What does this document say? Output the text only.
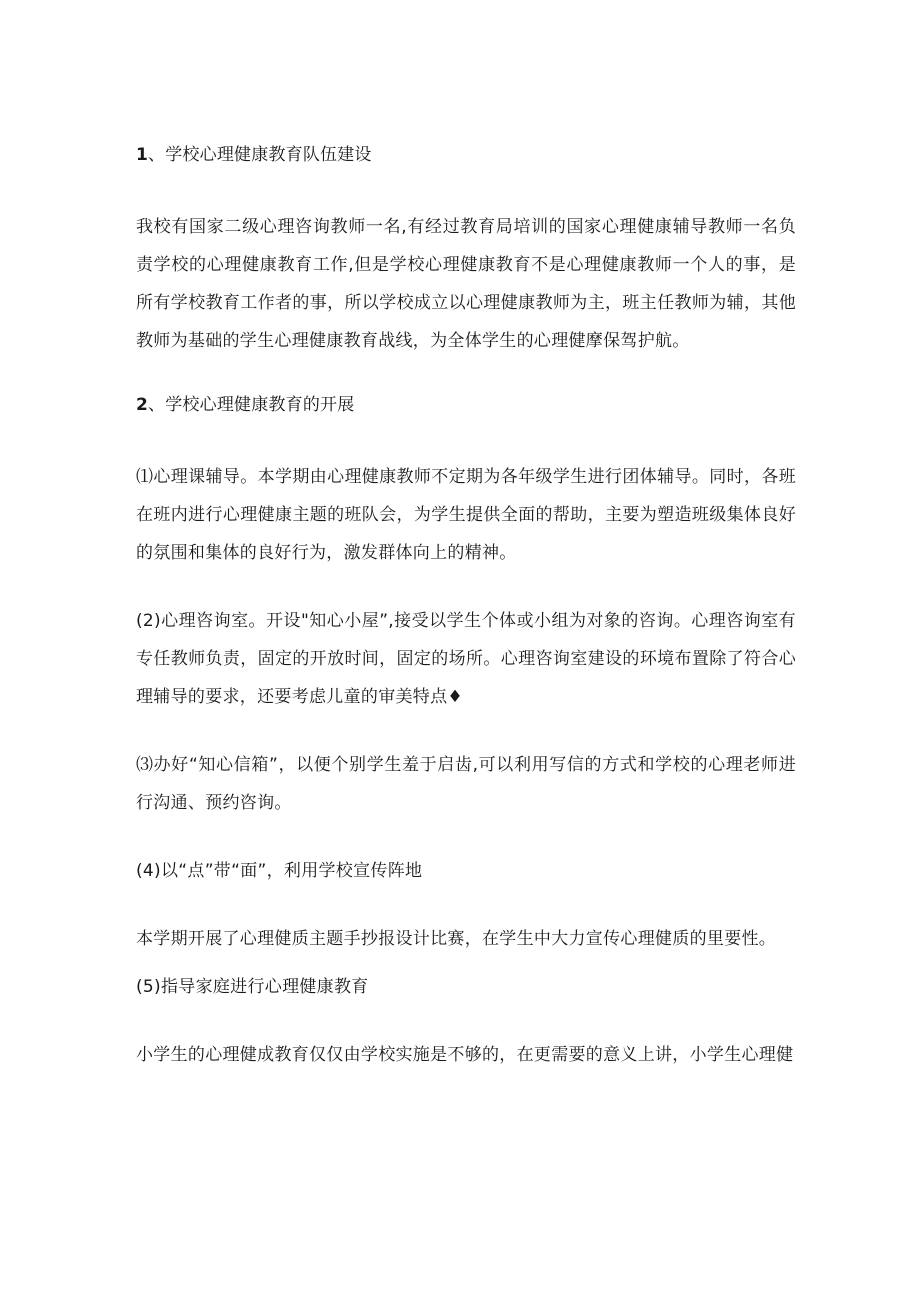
1、学校心理健康教育队伍建设

我校有国家二级心理咨询教师一名,有经过教育局培训的国家心理健康辅导教师一名负责学校的心理健康教育工作,但是学校心理健康教育不是心理健康教师一个人的事，是所有学校教育工作者的事，所以学校成立以心理健康教师为主，班主任教师为辅，其他教师为基础的学生心理健康教育战线，为全体学生的心理健摩保驾护航。

2、学校心理健康教育的开展

⑴心理课辅导。本学期由心理健康教师不定期为各年级学生进行团体辅导。同时，各班在班内进行心理健康主题的班队会，为学生提供全面的帮助，主要为塑造班级集体良好的氛围和集体的良好行为，激发群体向上的精神。

(2)心理咨询室。开设"知心小屋”,接受以学生个体或小组为对象的咨询。心理咨询室有专任教师负责，固定的开放时间，固定的场所。心理咨询室建设的环境布置除了符合心理辅导的要求，还要考虑儿童的审美特点♦

⑶办好“知心信箱”，以便个别学生羞于启齿,可以利用写信的方式和学校的心理老师进行沟通、预约咨询。

(4)以“点”带“面”，利用学校宣传阵地

本学期开展了心理健质主题手抄报设计比赛，在学生中大力宣传心理健质的里要性。

(5)指导家庭进行心理健康教育

小学生的心理健成教育仅仅由学校实施是不够的，在更需要的意义上讲，小学生心理健
